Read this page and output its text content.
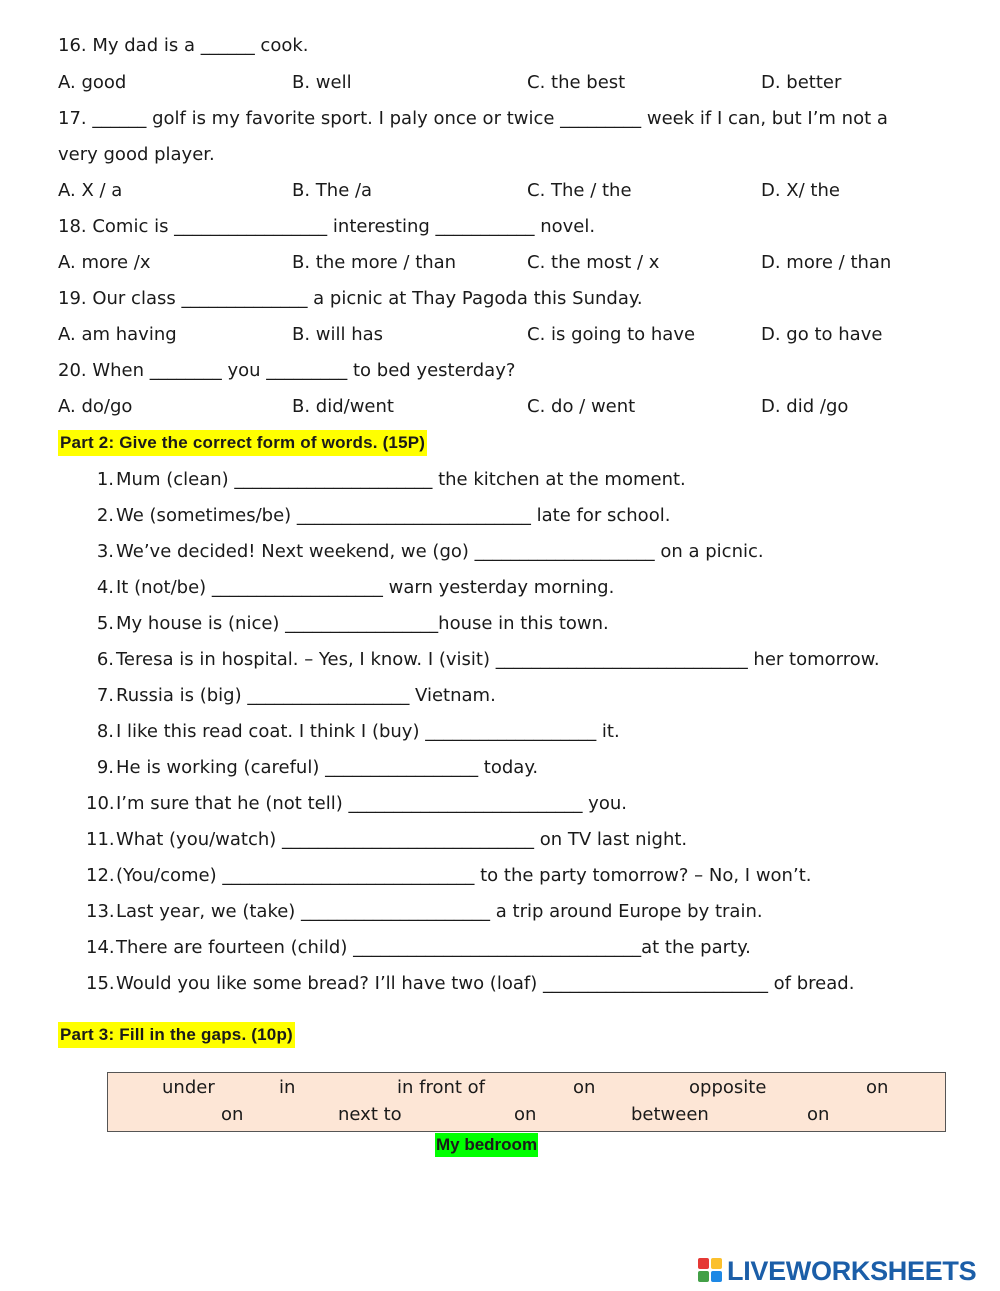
16. My dad is a ______ cook.
A. good	B. well	C. the best	D. better
17. ______ golf is my favorite sport. I paly once or twice _________ week if I can, but I’m not a
very good player.
A. X / a	B. The /a	C. The / the	D. X/ the
18. Comic is _________________ interesting ___________ novel.
A. more /x	B. the more / than	C. the most / x	D. more / than
19. Our class ______________ a picnic at Thay Pagoda this Sunday.
A. am having	B. will has	C. is going to have	D. go to have
20. When ________ you _________ to bed yesterday?
A. do/go	B. did/went	C. do / went	D. did /go
Part 2: Give the correct form of words. (15P)
1. Mum (clean) ______________________ the kitchen at the moment.
2. We (sometimes/be) __________________________ late for school.
3. We’ve decided! Next weekend, we (go) ____________________ on a picnic.
4. It (not/be) ___________________ warn yesterday morning.
5. My house is (nice) _________________house in this town.
6. Teresa is in hospital. – Yes, I know. I (visit) ____________________________ her tomorrow.
7. Russia is (big) __________________ Vietnam.
8. I like this read coat. I think I (buy) ___________________ it.
9. He is working (careful) _________________ today.
10. I’m sure that he (not tell) __________________________ you.
11. What (you/watch) ____________________________ on TV last night.
12. (You/come) ____________________________ to the party tomorrow? – No, I won’t.
13. Last year, we (take) _____________________ a trip around Europe by train.
14. There are fourteen (child) ________________________________at the party.
15. Would you like some bread? I’ll have two (loaf) _________________________ of bread.
Part 3: Fill in the gaps. (10p)
under	in	in front of	on	opposite	on
on	next to	on	between	on
My bedroom
LIVEWORKSHEETS
